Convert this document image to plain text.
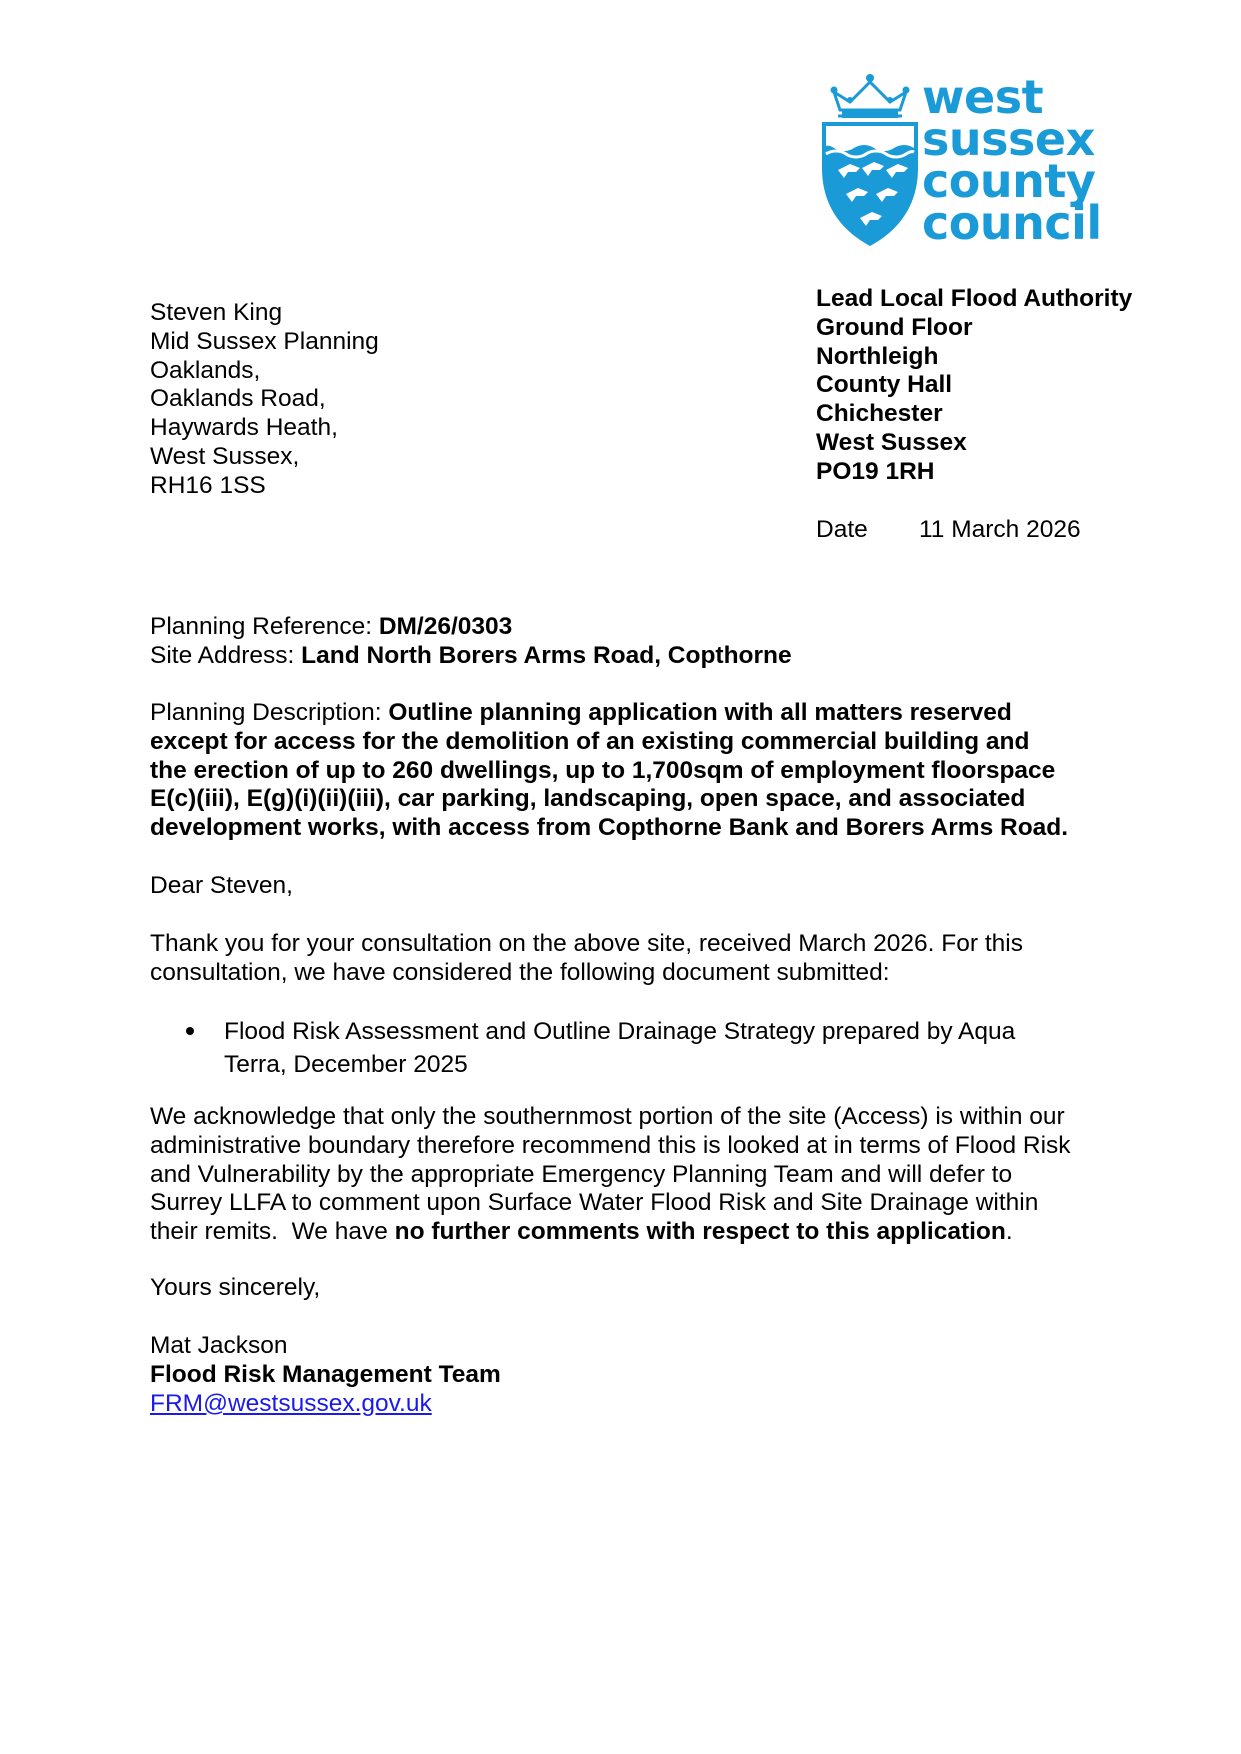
west
sussex
county
council
Steven King
Mid Sussex Planning
Oaklands,
Oaklands Road,
Haywards Heath,
West Sussex,
RH16 1SS
Lead Local Flood Authority
Ground Floor
Northleigh
County Hall
Chichester
West Sussex
PO19 1RH
Date 11 March 2026
Planning Reference: DM/26/0303
Site Address: Land North Borers Arms Road, Copthorne
Planning Description: Outline planning application with all matters reserved
except for access for the demolition of an existing commercial building and
the erection of up to 260 dwellings, up to 1,700sqm of employment floorspace
E(c)(iii), E(g)(i)(ii)(iii), car parking, landscaping, open space, and associated
development works, with access from Copthorne Bank and Borers Arms Road.
Dear Steven,
Thank you for your consultation on the above site, received March 2026. For this
consultation, we have considered the following document submitted:
Flood Risk Assessment and Outline Drainage Strategy prepared by Aqua
Terra, December 2025
We acknowledge that only the southernmost portion of the site (Access) is within our
administrative boundary therefore recommend this is looked at in terms of Flood Risk
and Vulnerability by the appropriate Emergency Planning Team and will defer to
Surrey LLFA to comment upon Surface Water Flood Risk and Site Drainage within
their remits.  We have no further comments with respect to this application.
Yours sincerely,
Mat Jackson
Flood Risk Management Team
FRM@westsussex.gov.uk
